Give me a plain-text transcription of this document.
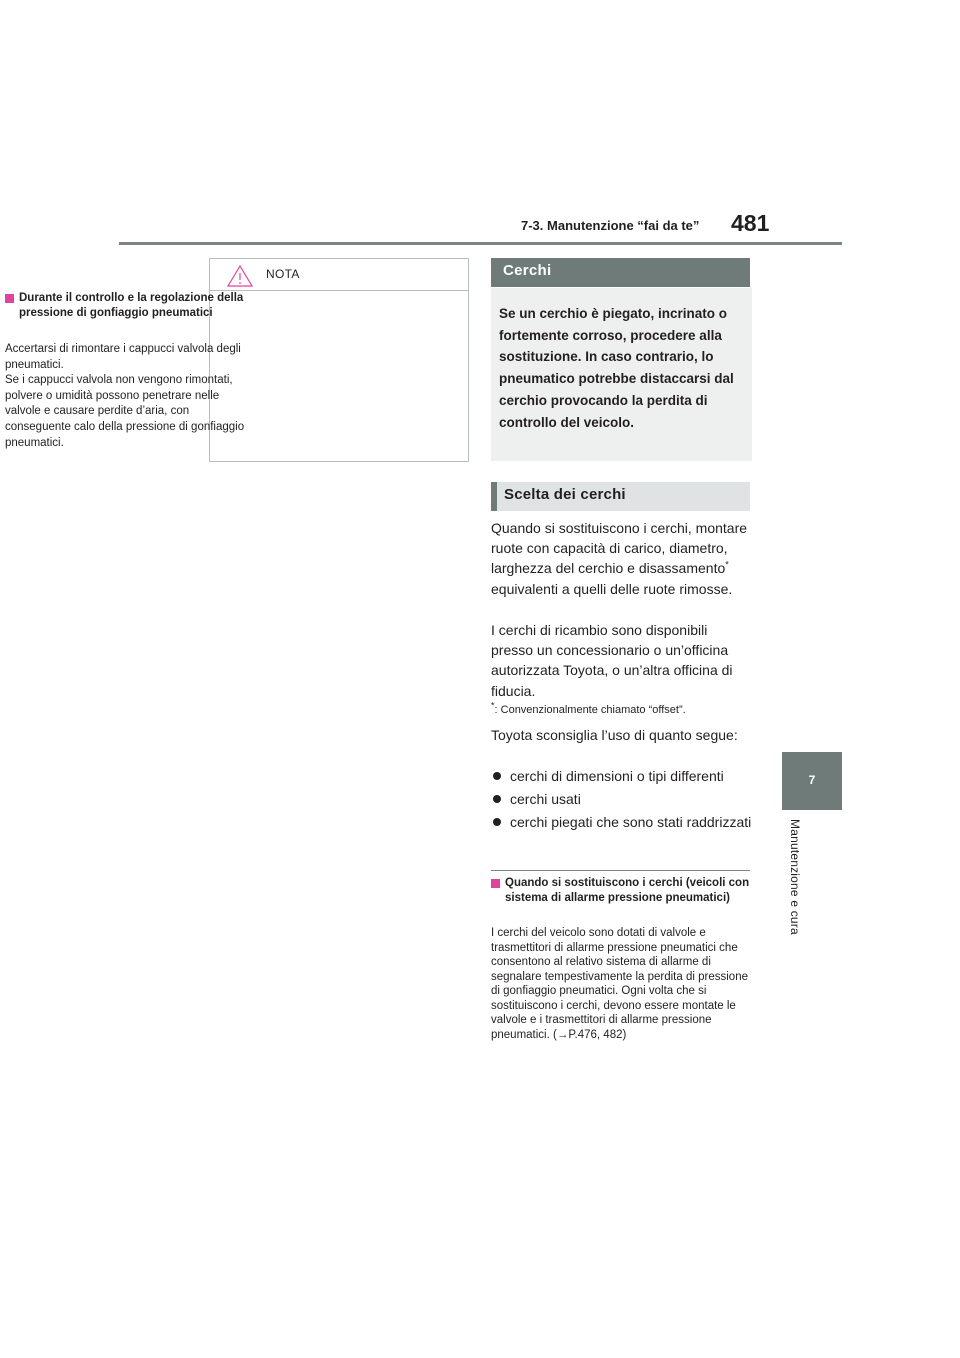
7-3. Manutenzione “fai da te” 481
7
Manutenzione e cura
NOTA
Durante il controllo e la regolazione della pressione di gonfiaggio pneumatici
Accertarsi di rimontare i cappucci valvola degli pneumatici.
Se i cappucci valvola non vengono rimontati, polvere o umidità possono penetrare nelle valvole e causare perdite d’aria, con conseguente calo della pressione di gonfiaggio pneumatici.
Cerchi
Se un cerchio è piegato, incrinato o fortemente corroso, procedere alla sostituzione. In caso contrario, lo pneumatico potrebbe distaccarsi dal cerchio provocando la perdita di controllo del veicolo.
Scelta dei cerchi
Quando si sostituiscono i cerchi, montare ruote con capacità di carico, diametro, larghezza del cerchio e disassamento* equivalenti a quelli delle ruote rimosse.
I cerchi di ricambio sono disponibili presso un concessionario o un’officina autorizzata Toyota, o un’altra officina di fiducia.
*: Convenzionalmente chiamato “offset”.
Toyota sconsiglia l’uso di quanto segue:
cerchi di dimensioni o tipi differenti
cerchi usati
cerchi piegati che sono stati raddrizzati
Quando si sostituiscono i cerchi (veicoli con sistema di allarme pressione pneumatici)
I cerchi del veicolo sono dotati di valvole e trasmettitori di allarme pressione pneumatici che consentono al relativo sistema di allarme di segnalare tempestivamente la perdita di pressione di gonfiaggio pneumatici. Ogni volta che si sostituiscono i cerchi, devono essere montate le valvole e i trasmettitori di allarme pressione pneumatici. (→P.476, 482)
